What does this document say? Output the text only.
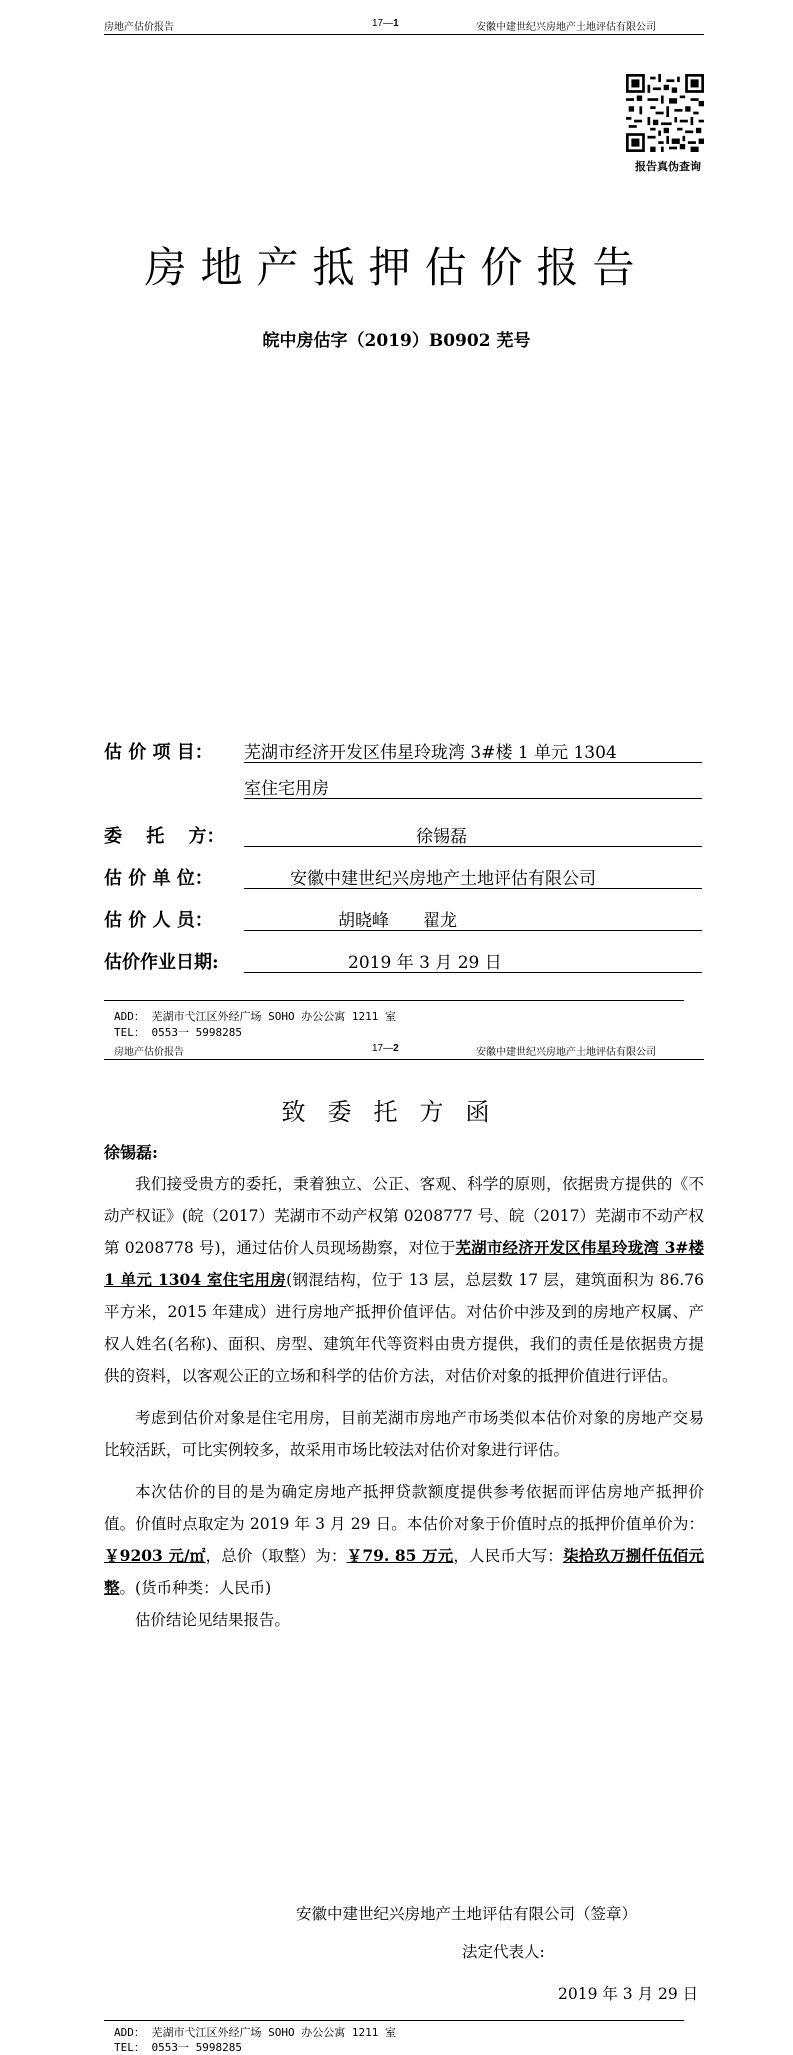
房地产估价报告	17—1	安徽中建世纪兴房地产土地评估有限公司
报告真伪查询
房地产抵押估价报告
皖中房估字（2019）B0902 芜号
估 价 项 目： 芜湖市经济开发区伟星玲珑湾 3#楼 1 单元 1304
室住宅用房
委　 托　 方：	徐锡磊
估 价 单 位：	安徽中建世纪兴房地产土地评估有限公司
估 价 人 员：	胡晓峰　　翟龙
估价作业日期:	2019 年 3 月 29 日
ADD： 芜湖市弋江区外经广场 SOHO 办公公寓 1211 室
TEL： 0553一 5998285
房地产估价报告	17—2	安徽中建世纪兴房地产土地评估有限公司
致委托方函
徐锡磊:

我们接受贵方的委托，秉着独立、公正、客观、科学的原则，依据贵方提供的《不动产权证》(皖（2017）芜湖市不动产权第 0208777 号、皖（2017）芜湖市不动产权第 0208778 号)，通过估价人员现场勘察，对位于芜湖市经济开发区伟星玲珑湾 3#楼 1 单元 1304 室住宅用房(钢混结构，位于 13 层，总层数 17 层，建筑面积为 86.76 平方米，2015 年建成）进行房地产抵押价值评估。对估价中涉及到的房地产权属、产权人姓名(名称)、面积、房型、建筑年代等资料由贵方提供，我们的责任是依据贵方提供的资料，以客观公正的立场和科学的估价方法，对估价对象的抵押价值进行评估。

考虑到估价对象是住宅用房，目前芜湖市房地产市场类似本估价对象的房地产交易比较活跃，可比实例较多，故采用市场比较法对估价对象进行评估。

本次估价的目的是为确定房地产抵押贷款额度提供参考依据而评估房地产抵押价值。价值时点取定为 2019 年 3 月 29 日。本估价对象于价值时点的抵押价值单价为：￥9203 元/㎡，总价（取整）为：￥79. 85 万元，人民币大写：柒拾玖万捌仟伍佰元整。(货币种类：人民币)

估价结论见结果报告。

安徽中建世纪兴房地产土地评估有限公司（签章）
法定代表人:
2019 年 3 月 29 日
ADD： 芜湖市弋江区外经广场 SOHO 办公公寓 1211 室
TEL： 0553一 5998285
